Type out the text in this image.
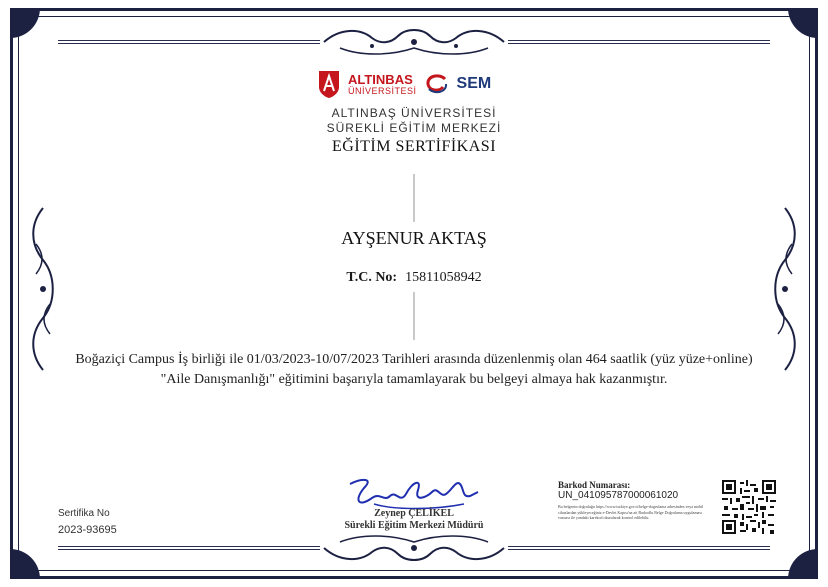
ALTINBAS
ÜNİVERSİTESİ	SEM
ALTINBAŞ ÜNİVERSİTESİ
SÜREKLİ EĞİTİM MERKEZİ
EĞİTİM SERTİFİKASI
AYŞENUR AKTAŞ
T.C. No: 15811058942
Boğaziçi Campus İş birliği ile 01/03/2023-10/07/2023 Tarihleri arasında düzenlenmiş olan 464 saatlik (yüz yüze+online) "Aile Danışmanlığı" eğitimini başarıyla tamamlayarak bu belgeyi almaya hak kazanmıştır.
Sertifika No
2023-93695
Zeynep ÇELİKEL
Sürekli Eğitim Merkezi Müdürü
Barkod Numarası:
UN_041095787000061020
Bu belgenin doğruluğu https://www.turkiye.gov.tr/belge-dogrulama adresinden veya mobil cihazlardan yükleyeceğiniz e-Devlet Kapısı'na ait Barkodlu Belge Doğrulama uygulaması vasıtası ile yandaki karekod okutularak kontrol edilebilir.
